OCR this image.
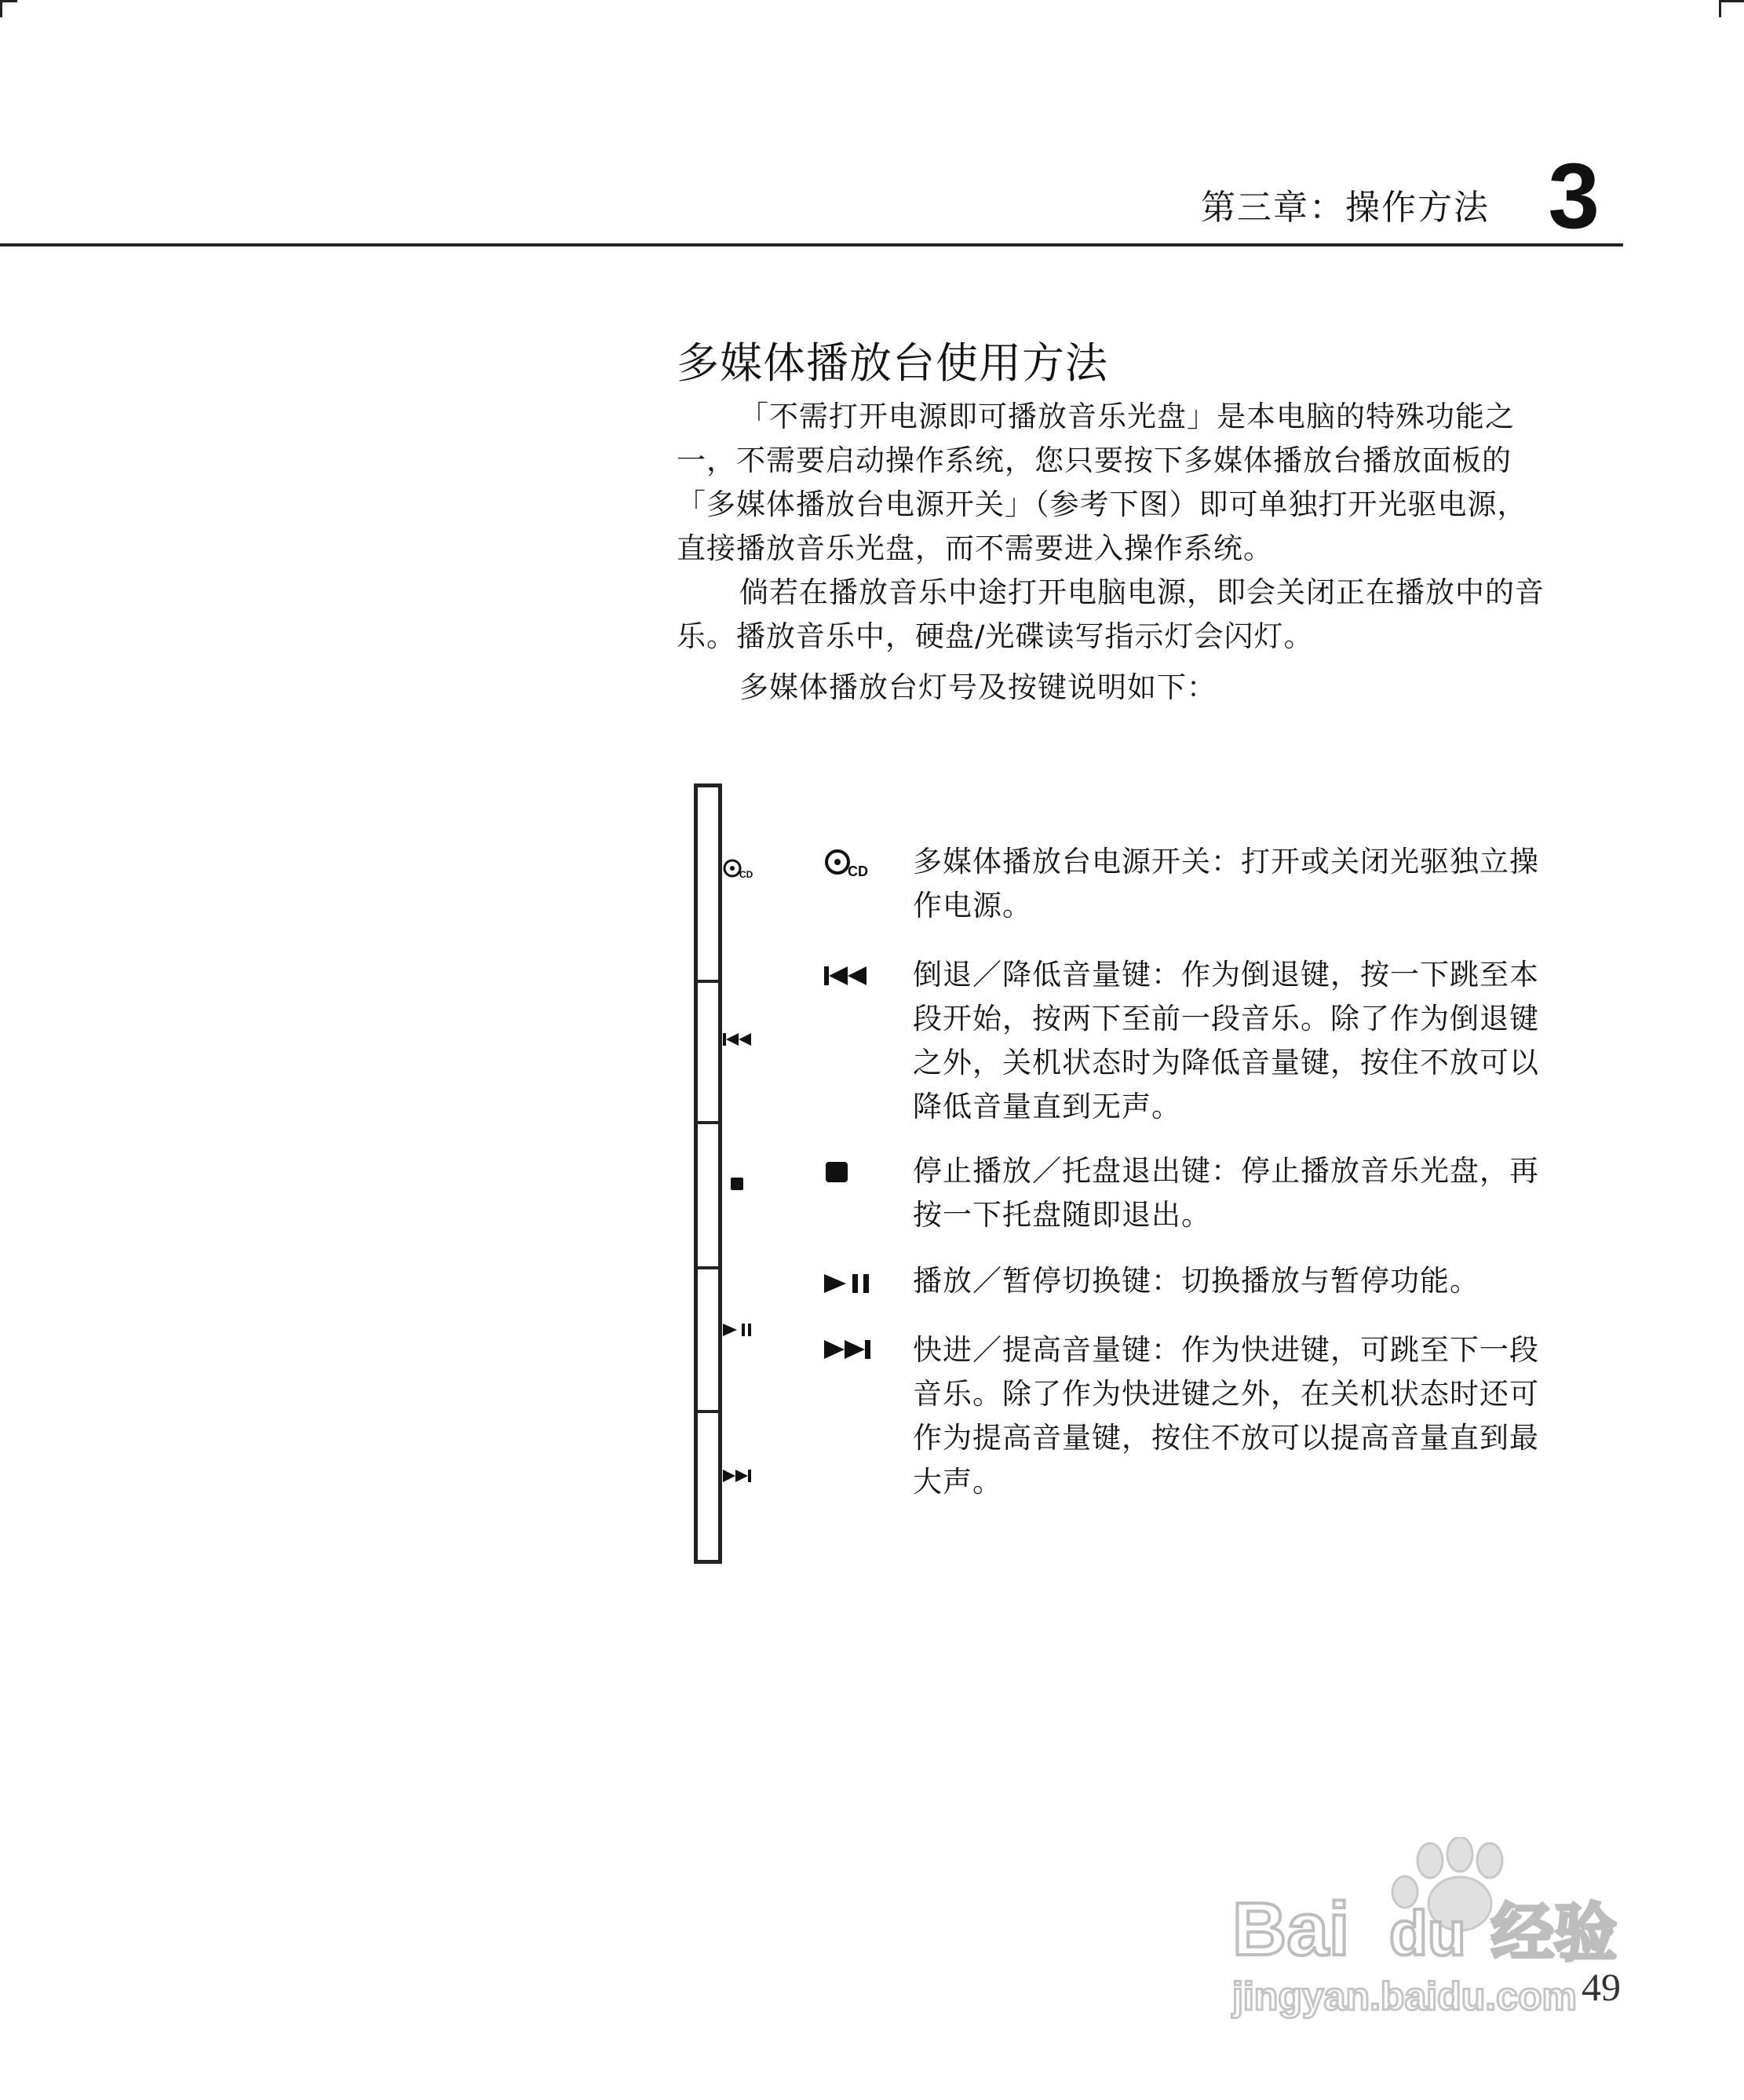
第三章：操作方法 3
多媒体播放台使用方法

「不需打开电源即可播放音乐光盘」是本电脑的特殊功能之一，不需要启动操作系统，您只要按下多媒体播放台播放面板的「多媒体播放台电源开关」（参考下图）即可单独打开光驱电源，直接播放音乐光盘，而不需要进入操作系统。

倘若在播放音乐中途打开电脑电源，即会关闭正在播放中的音乐。播放音乐中，硬盘/光碟读写指示灯会闪灯。

多媒体播放台灯号及按键说明如下：

CD	CD 多媒体播放台电源开关：打开或关闭光驱独立操作电源。

倒退／降低音量键：作为倒退键，按一下跳至本段开始，按两下至前一段音乐。除了作为倒退键之外，关机状态时为降低音量键，按住不放可以降低音量直到无声。

停止播放／托盘退出键：停止播放音乐光盘，再按一下托盘随即退出。

播放／暂停切换键：切换播放与暂停功能。

快进／提高音量键：作为快进键，可跳至下一段音乐。除了作为快进键之外，在关机状态时还可作为提高音量键，按住不放可以提高音量直到最大声。

49
Bai du 经验
jingyan.baidu.com
